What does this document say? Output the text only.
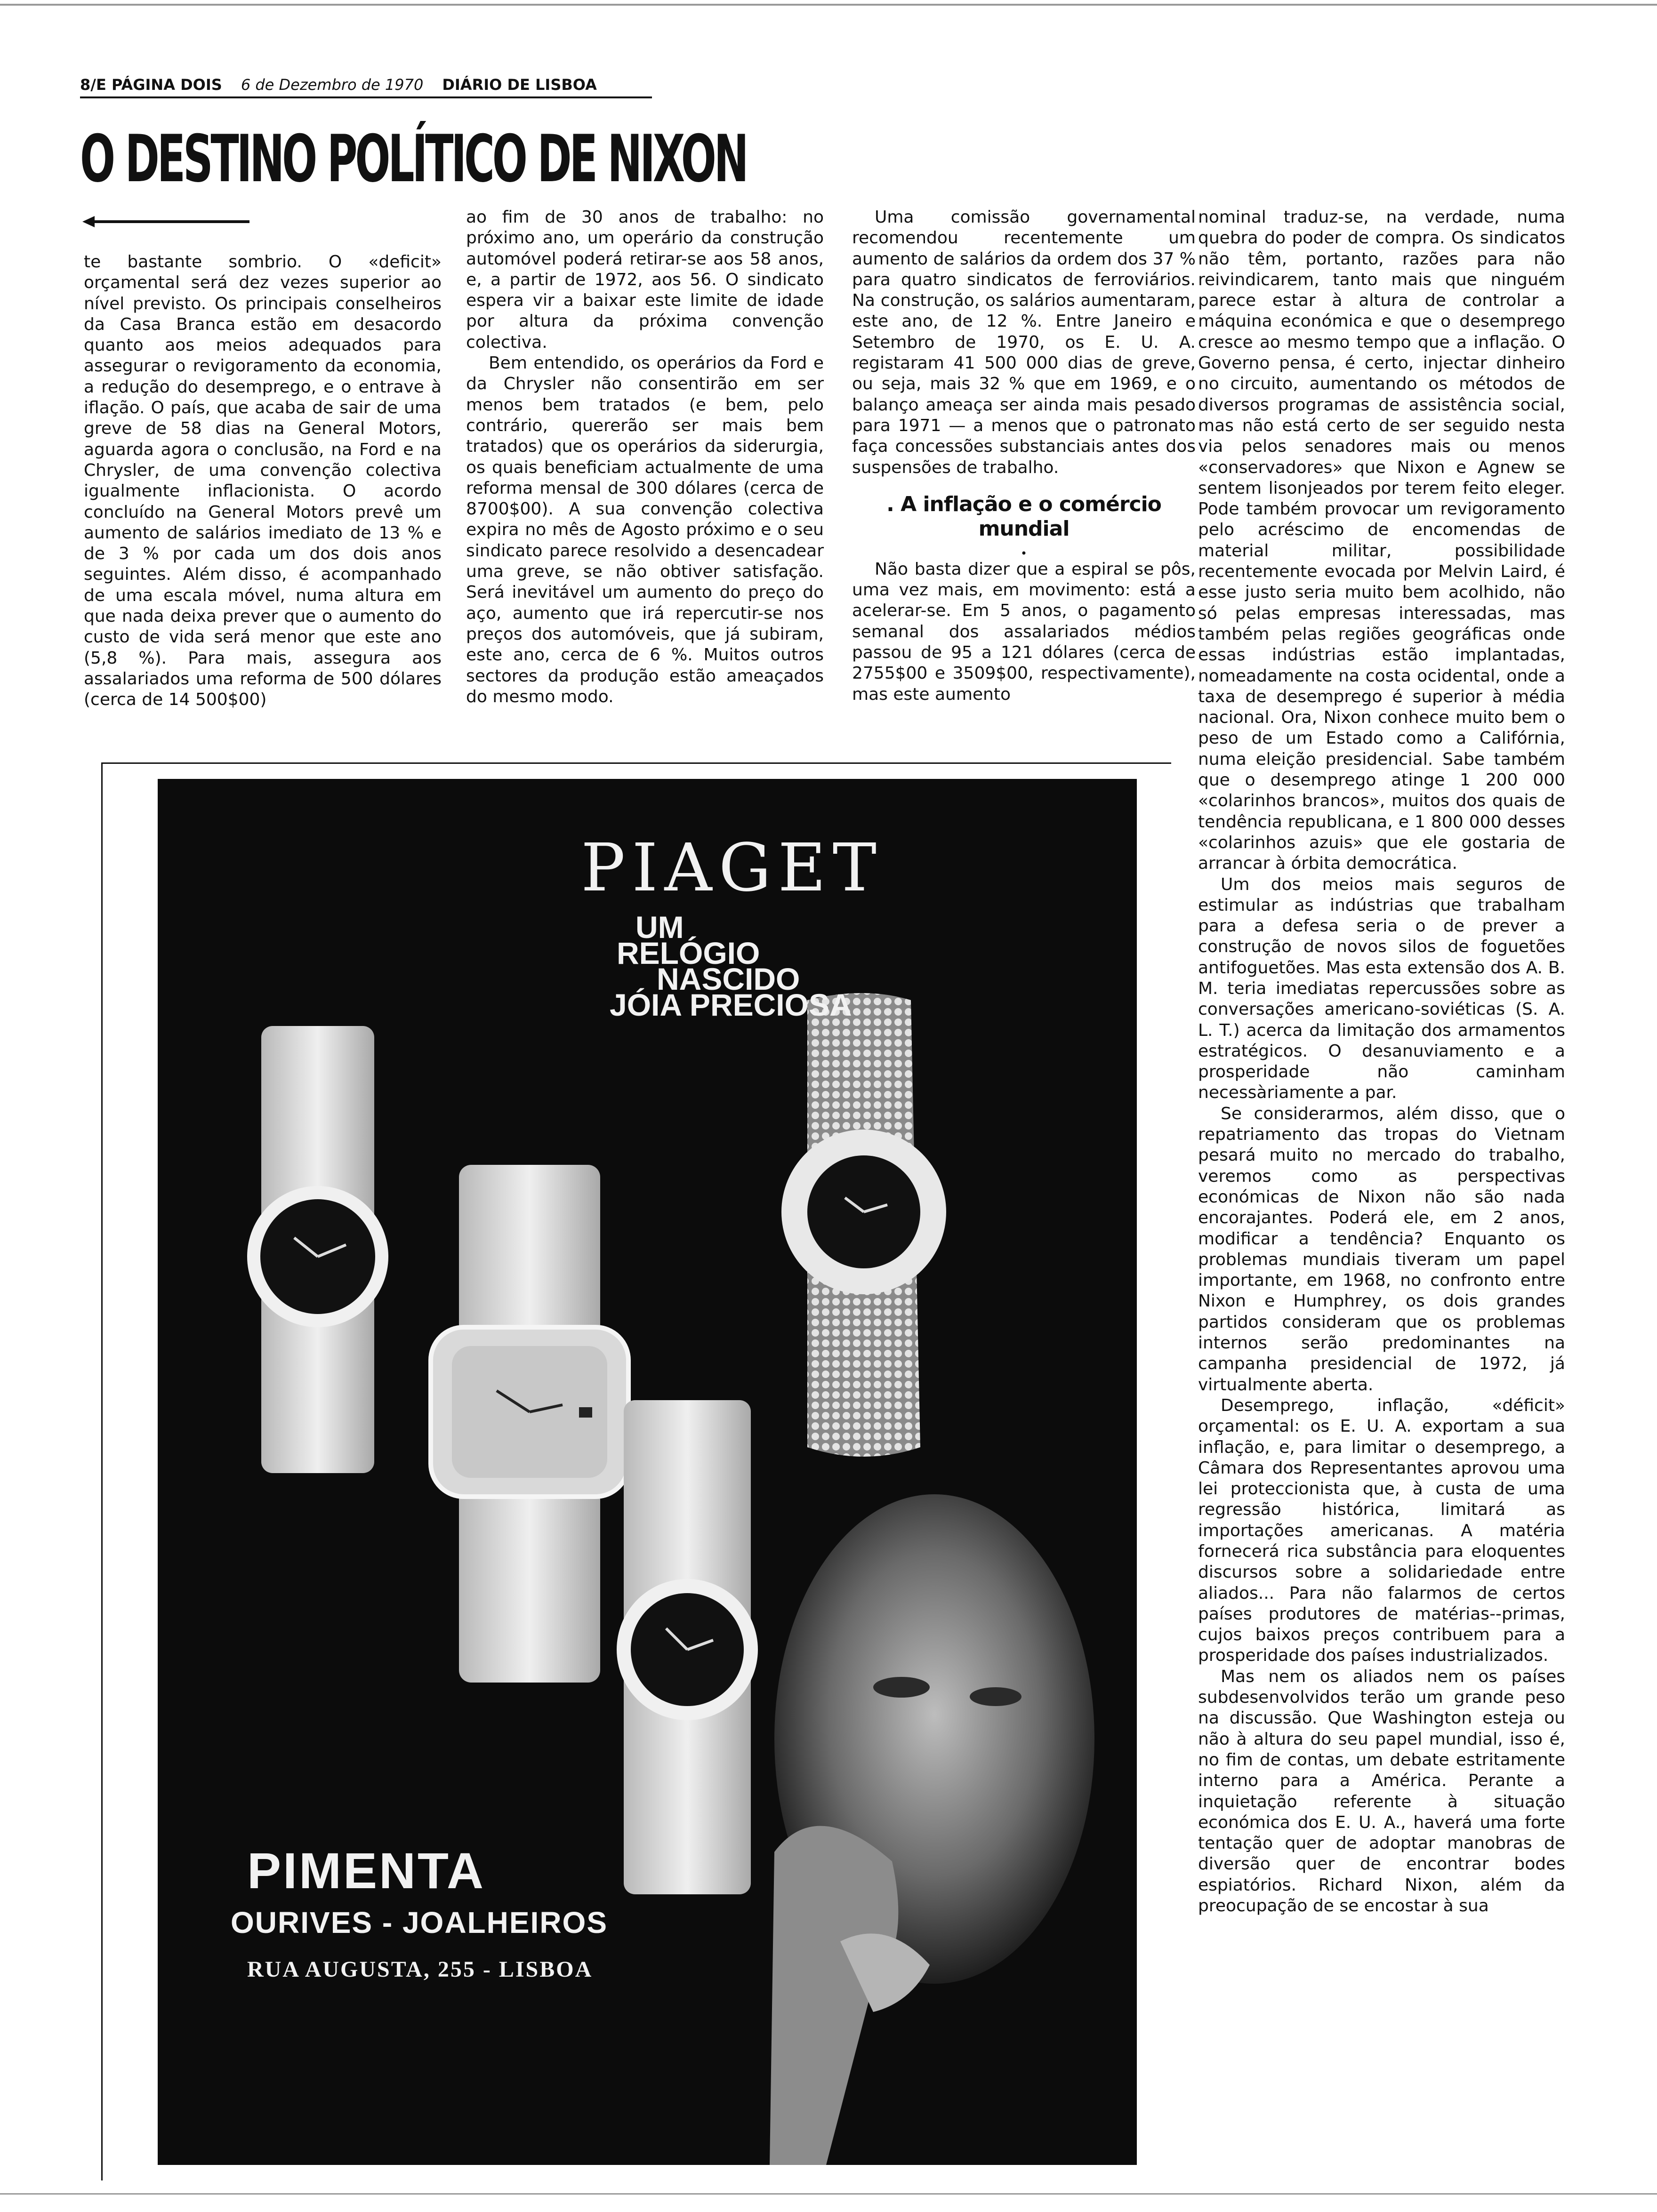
8/E PÁGINA DOIS 6 de Dezembro de 1970 DIÁRIO DE LISBOA
O DESTINO POLÍTICO DE NIXON

te bastante sombrio. O «deficit» orçamental será dez vezes superior ao nível previsto. Os principais conselheiros da Casa Branca estão em desacordo quanto aos meios adequados para assegurar o revigoramento da economia, a redução do desemprego, e o entrave à iflação. O país, que acaba de sair de uma greve de 58 dias na General Motors, aguarda agora o conclusão, na Ford e na Chrysler, de uma convenção colectiva igualmente inflacionista. O acordo concluído na General Motors prevê um aumento de salários imediato de 13 % e de 3 % por cada um dos dois anos seguintes. Além disso, é acompanhado de uma escala móvel, numa altura em que nada deixa prever que o aumento do custo de vida será menor que este ano (5,8 %). Para mais, assegura aos assalariados uma reforma de 500 dólares (cerca de 14 500$00)

ao fim de 30 anos de trabalho: no próximo ano, um operário da construção automóvel poderá retirar-se aos 58 anos, e, a partir de 1972, aos 56. O sindicato espera vir a baixar este limite de idade por altura da próxima convenção colectiva.

Bem entendido, os operários da Ford e da Chrysler não consentirão em ser menos bem tratados (e bem, pelo contrário, quererão ser mais bem tratados) que os operários da siderurgia, os quais beneficiam actualmente de uma reforma mensal de 300 dólares (cerca de 8700$00). A sua convenção colectiva expira no mês de Agosto próximo e o seu sindicato parece resolvido a desencadear uma greve, se não obtiver satisfação. Será inevitável um aumento do preço do aço, aumento que irá repercutir-se nos preços dos automóveis, que já subiram, este ano, cerca de 6 %. Muitos outros sectores da produção estão ameaçados do mesmo modo.

Uma comissão governamental recomendou recentemente um aumento de salários da ordem dos 37 % para quatro sindicatos de ferroviários. Na construção, os salários aumentaram, este ano, de 12 %. Entre Janeiro e Setembro de 1970, os E. U. A. registaram 41 500 000 dias de greve, ou seja, mais 32 % que em 1969, e o balanço ameaça ser ainda mais pesado para 1971 — a menos que o patronato faça concessões substanciais antes dos suspensões de trabalho.

. A inflação e o comércio mundial
•

Não basta dizer que a espiral se pôs, uma vez mais, em movimento: está a acelerar-se. Em 5 anos, o pagamento semanal dos assalariados médios passou de 95 a 121 dólares (cerca de 2755$00 e 3509$00, respectivamente), mas este aumento

nominal traduz-se, na verdade, numa quebra do poder de compra. Os sindicatos não têm, portanto, razões para não reivindicarem, tanto mais que ninguém parece estar à altura de controlar a máquina económica e que o desemprego cresce ao mesmo tempo que a inflação. O Governo pensa, é certo, injectar dinheiro no circuito, aumentando os métodos de diversos programas de assistência social, mas não está certo de ser seguido nesta via pelos senadores mais ou menos «conservadores» que Nixon e Agnew se sentem lisonjeados por terem feito eleger. Pode também provocar um revigoramento pelo acréscimo de encomendas de material militar, possibilidade recentemente evocada por Melvin Laird, é esse justo seria muito bem acolhido, não só pelas empresas interessadas, mas também pelas regiões geográficas onde essas indústrias estão implantadas, nomeadamente na costa ocidental, onde a taxa de desemprego é superior à média nacional. Ora, Nixon conhece muito bem o peso de um Estado como a Califórnia, numa eleição presidencial. Sabe também que o desemprego atinge 1 200 000 «colarinhos brancos», muitos dos quais de tendência republicana, e 1 800 000 desses «colarinhos azuis» que ele gostaria de arrancar à órbita democrática.

Um dos meios mais seguros de estimular as indústrias que trabalham para a defesa seria o de prever a construção de novos silos de foguetões antifoguetões. Mas esta extensão dos A. B. M. teria imediatas repercussões sobre as conversações americano-soviéticas (S. A. L. T.) acerca da limitação dos armamentos estratégicos. O desanuviamento e a prosperidade não caminham necessàriamente a par.

Se considerarmos, além disso, que o repatriamento das tropas do Vietnam pesará muito no mercado do trabalho, veremos como as perspectivas económicas de Nixon não são nada encorajantes. Poderá ele, em 2 anos, modificar a tendência? Enquanto os problemas mundiais tiveram um papel importante, em 1968, no confronto entre Nixon e Humphrey, os dois grandes partidos consideram que os problemas internos serão predominantes na campanha presidencial de 1972, já virtualmente aberta.

Desemprego, inflação, «déficit» orçamental: os E. U. A. exportam a sua inflação, e, para limitar o desemprego, a Câmara dos Representantes aprovou uma lei proteccionista que, à custa de uma regressão histórica, limitará as importações americanas. A matéria fornecerá rica substância para eloquentes discursos sobre a solidariedade entre aliados... Para não falarmos de certos países produtores de matérias--primas, cujos baixos preços contribuem para a prosperidade dos países industrializados.

Mas nem os aliados nem os países subdesenvolvidos terão um grande peso na discussão. Que Washington esteja ou não à altura do seu papel mundial, isso é, no fim de contas, um debate estritamente interno para a América. Perante a inquietação referente à situação económica dos E. U. A., haverá uma forte tentação quer de adoptar manobras de diversão quer de encontrar bodes espiatórios. Richard Nixon, além da preocupação de se encostar à sua

PIAGET
UM
RELÓGIO
NASCIDO
JÓIA PRECIOSA
PIMENTA
OURIVES - JOALHEIROS
RUA AUGUSTA, 255 - LISBOA
